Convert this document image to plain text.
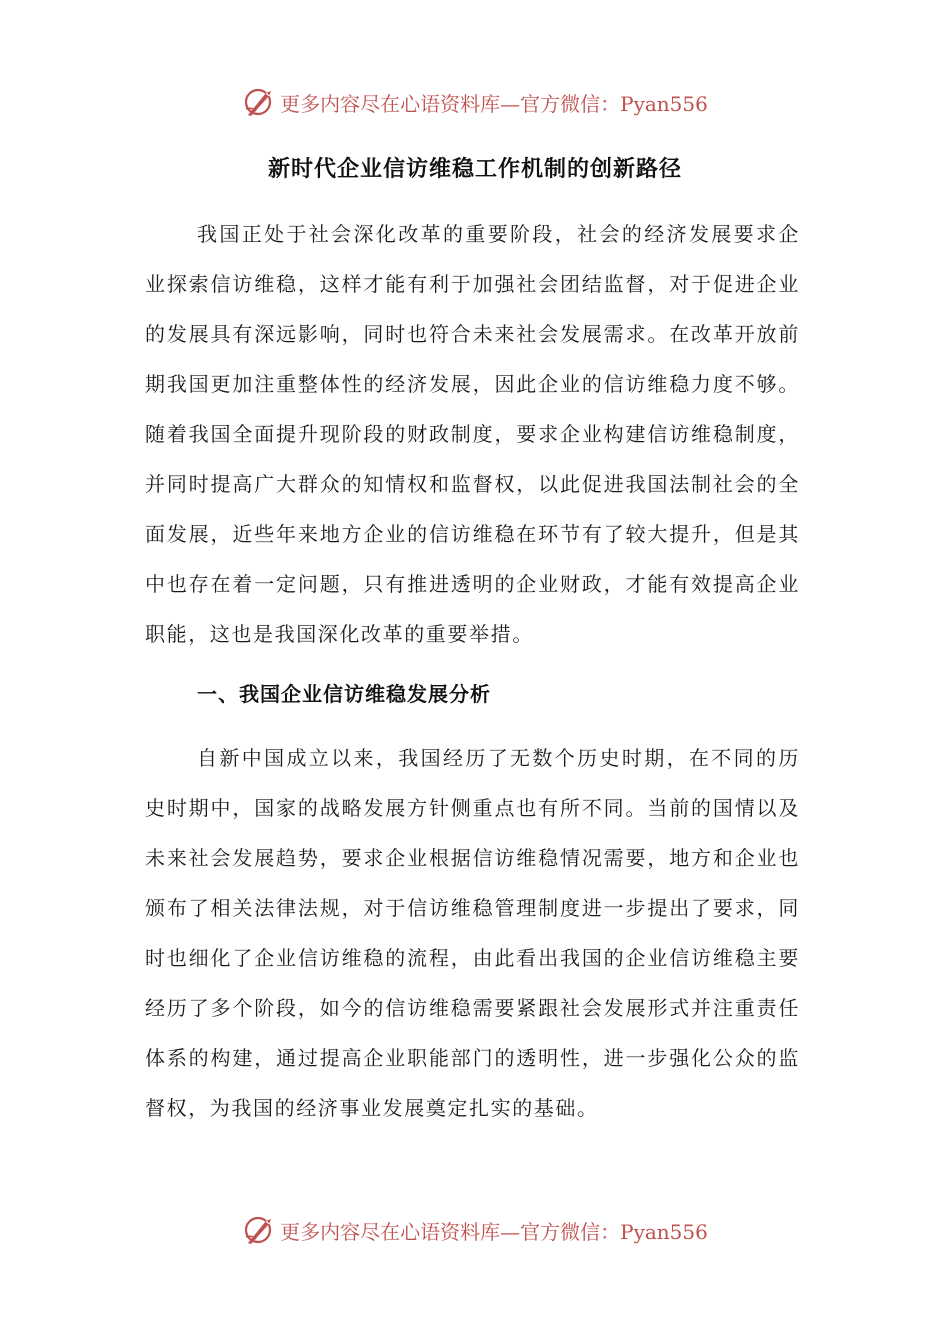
更多内容尽在心语资料库—官方微信：Pyan556
新时代企业信访维稳工作机制的创新路径

我国正处于社会深化改革的重要阶段，社会的经济发展要求企业探索信访维稳，这样才能有利于加强社会团结监督，对于促进企业的发展具有深远影响，同时也符合未来社会发展需求。在改革开放前期我国更加注重整体性的经济发展，因此企业的信访维稳力度不够。随着我国全面提升现阶段的财政制度，要求企业构建信访维稳制度，并同时提高广大群众的知情权和监督权，以此促进我国法制社会的全面发展，近些年来地方企业的信访维稳在环节有了较大提升，但是其中也存在着一定问题，只有推进透明的企业财政，才能有效提高企业职能，这也是我国深化改革的重要举措。

一、我国企业信访维稳发展分析

自新中国成立以来，我国经历了无数个历史时期，在不同的历史时期中，国家的战略发展方针侧重点也有所不同。当前的国情以及未来社会发展趋势，要求企业根据信访维稳情况需要，地方和企业也颁布了相关法律法规，对于信访维稳管理制度进一步提出了要求，同时也细化了企业信访维稳的流程，由此看出我国的企业信访维稳主要经历了多个阶段，如今的信访维稳需要紧跟社会发展形式并注重责任体系的构建，通过提高企业职能部门的透明性，进一步强化公众的监督权，为我国的经济事业发展奠定扎实的基础。

更多内容尽在心语资料库—官方微信：Pyan556
